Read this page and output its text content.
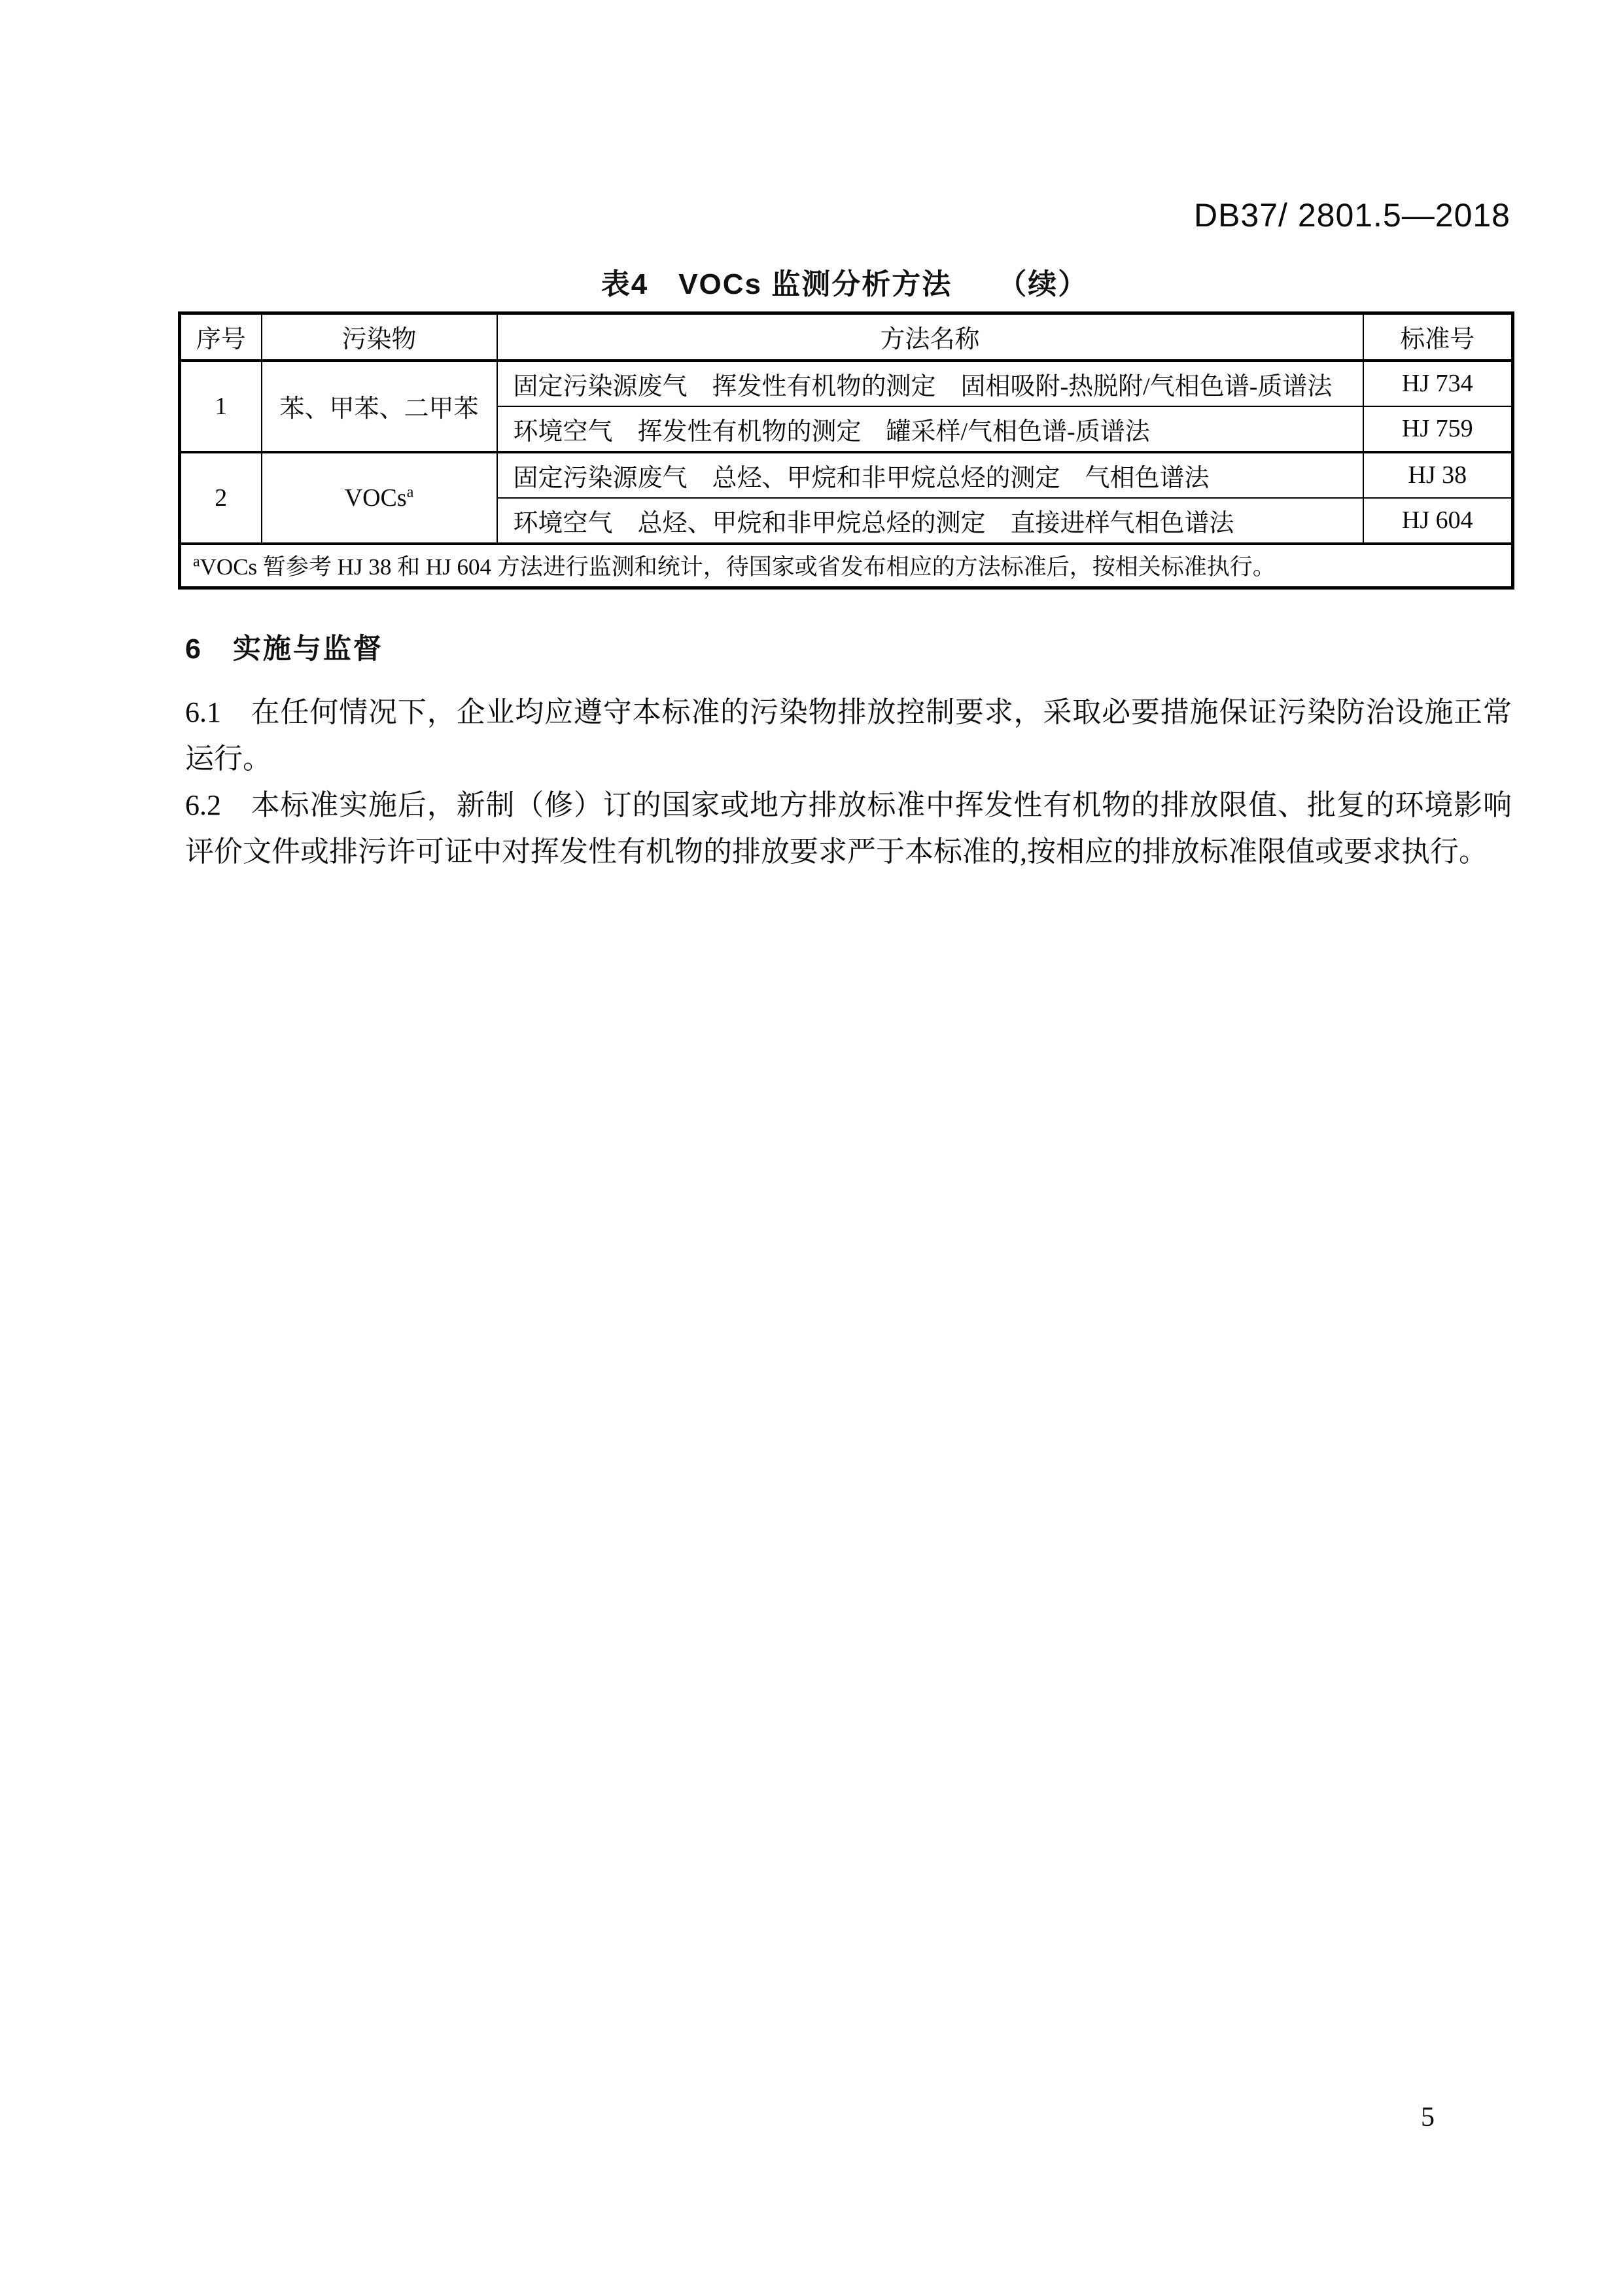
DB37/ 2801.5—2018
表4　VOCs 监测分析方法　　（续）
序号	污染物	方法名称	标准号
1	苯、甲苯、二甲苯	固定污染源废气　挥发性有机物的测定　固相吸附-热脱附/气相色谱-质谱法	HJ 734
		环境空气　挥发性有机物的测定　罐采样/气相色谱-质谱法	HJ 759
2	VOCs$^a$	固定污染源废气　总烃、甲烷和非甲烷总烃的测定　气相色谱法	HJ 38
		环境空气　总烃、甲烷和非甲烷总烃的测定　直接进样气相色谱法	HJ 604
$^a$VOCs 暂参考 HJ 38 和 HJ 604 方法进行监测和统计，待国家或省发布相应的方法标准后，按相关标准执行。			
6　实施与监督

6.1　在任何情况下，企业均应遵守本标准的污染物排放控制要求，采取必要措施保证污染防治设施正常运行。

6.2　本标准实施后，新制（修）订的国家或地方排放标准中挥发性有机物的排放限值、批复的环境影响评价文件或排污许可证中对挥发性有机物的排放要求严于本标准的,按相应的排放标准限值或要求执行。

5
